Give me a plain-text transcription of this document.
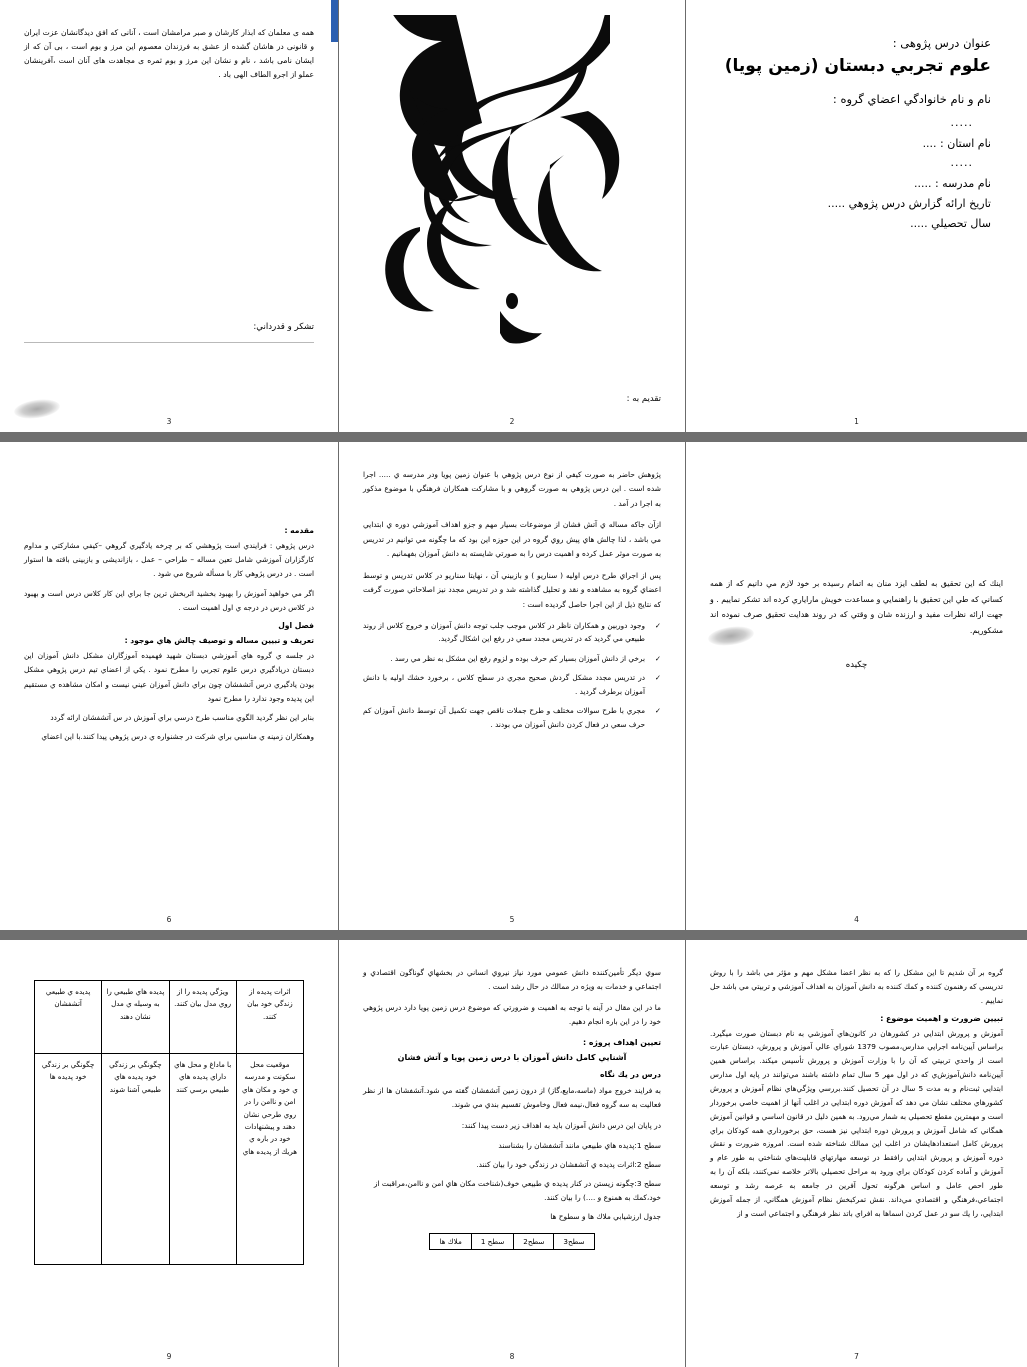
عنوان درس پژوهی :
علوم تجربي دبستان (زمين پويا)
نام و نام خانوادگي اعضاي گروه :
.....
نام استان : ....
.....
نام مدرسه : .....
تاريخ ارائه گزارش درس پژوهي .....
سال تحصيلي .....
1
تقديم به :
2

همه ی معلمان که ابذار کارشان و صبر مرامشان است ، آنانی که افق دیدگانشان عزت ایران و قانونی در هاشان گشده از عشق به فرزندان معصوم این مرز و بوم است ، بی آن که از ایشان نامی باشد ، نام و نشان این مرز و بوم ثمره ی مجاهدت های آنان است ،آفرینشان عملو از اجرو الطاف الهی باد .

تشكر و قدرداني:
3

اينك كه اين تحقيق به لطف ايزد منان به اتمام رسيده بر خود لازم مي دانيم كه از همه كساني كه طي اين تحقيق با راهنمايي و مساعدت خويش ماراياري كرده اند تشكر نماييم . و جهت ارائه نظرات مفيد و ارزنده شان و وقتي كه در روند هدايت تحقيق صرف نموده اند مشكوريم.

چكيده
4

پژوهش حاضر به صورت كيفي از نوع درس پژوهي با عنوان زمين پويا ودر مدرسه ي ..... اجرا شده است . اين درس پژوهي به صورت گروهي و با مشاركت همكاران فرهنگي با موضوع مذكور به اجرا در آمد .

ازآن جاكه مساله ي آتش فشان از موضوعات بسيار مهم و جزو اهداف آموزشي دوره ي ابتدايي مي باشد ، لذا چالش هاي پيش روي گروه در اين حوزه اين بود كه ما چگونه مي توانيم در تدريس به صورت موثر عمل كرده و اهميت درس را به صورتي شايسته به دانش آموزان بفهمانيم .

پس از اجراي طرح درس اوليه ( سناريو ) و بازبيني آن ، نهايتا سناريو در كلاس تدريس و توسط اعضاي گروه به مشاهده و نقد و تحليل گذاشته شد و در تدريس مجدد نيز اصلاحاتي صورت گرفت كه نتايج ذيل از اين اجرا حاصل گرديده است :

✓ وجود دوربين و همكاران ناظر در كلاس موجب جلب توجه دانش آموزان و خروج كلاس از روند طبيعي مي گرديد كه در تدريس مجدد سعي در رفع اين اشكال گرديد.
✓ برخي از دانش آموزان بسيار كم حرف بوده و لزوم رفع اين مشكل به نظر مي رسد .
✓ در تدريس مجدد مشكل گردش صحيح مجري در سطح كلاس ، برخورد خشك اوليه با دانش آموزان برطرف گرديد .
✓ مجري با طرح سوالات مختلف و طرح جملات ناقص جهت تكميل آن توسط دانش آموزان كم حرف سعي در فعال كردن دانش آموزان مي بودند .
5
مقدمه :

درس پژوهي : فرايندي است پژوهشي كه بر چرخه يادگيري گروهي –كيفي مشاركتي و مداوم كارگزاران آموزشي شامل تعين مساله – طراحي – عمل ، بازاندیشی و بازبینی باقته ها استوار است . در درس پژوهي كار با مسأله شروع مي شود .

اگر مي خواهيد آموزش را بهبود بخشيد اثربخش ترين جا براي اين كار كلاس درس است و بهبود در كلاس درس در درجه ي اول اهميت است .

فصل اول
تعريف و تبيين مساله و توصيف چالش هاي موجود :

در جلسه ي گروه هاي آموزشي دبستان شهيد فهميده آموزگاران مشكل دانش آموزان اين دبستان دريادگيري درس علوم تجربي را مطرح نمود . يكي از اعضاي تيم درس پژوهي مشكل بودن يادگيري درس آتشفشان چون براي دانش آموزان عيني نيست و امكان مشاهده ي مستقيم اين پديده وجود ندارد را مطرح نمود

بنابر اين نظر گرديد الگوي مناسب طرح درسي براي آموزش در س آتشفشان ارائه گردد

وهمكاران زمينه ي مناسبي براي شركت در جشنواره ي درس پژوهي پيدا كنند.با اين اعضاي

6

گروه بر آن شديم تا اين مشكل را كه به نظر اعضا مشكل مهم و مؤثر مي باشد را با روش تدريسي كه رهنمون كننده و كمك كننده به دانش آموزان به اهداف آموزشي و تربيتي مي باشد حل نماييم .

تبيين ضرورت و اهميت موضوع :

آموزش و پرورش ابتدايي در كشورهان در كانون‌هاي آموزشي به نام دبستان صورت ميگيرد. براساس آيين‌نامه اجرايي مدارس،مصوب 1379 شوراي عالي آموزش و پرورش، دبستان عبارت است از واحدي تربيتي كه آن را با وزارت آموزش و پرورش تأسيس ميكند. براساس همين آيين‌نامه دانش‌آموزش‌‌ي كه در اول مهر 5 سال تمام داشته باشند مي‌توانند در پايه اول مدارس ابتدايي ثبت‌نام و به مدت 5 سال در آن تحصيل كنند.بررسي ويژگي‌هاي نظام آموزش و پرورش كشورهاي مختلف نشان مي دهد كه آموزش دوره ابتدايي در اغلب آنها از اهميت خاصي برخوردار است و مهمترين مقطع تحصيلي به شمار مي‌رود. به همين دليل در قانون اساسي و قوانين آموزش همگاني كه شامل آموزش و پرورش دوره ابتدايي نيز هست، حق برخورداري همه كودكان براي پرورش كامل استعدادهايشان در اغلب اين ممالك شناخته شده است. امروزه ضرورت و نقش دوره آموزش و پرورش ابتدايي رافقط در توسعه مهارتهاي قابليت‌هاي شناختي به طور عام و آموزش و آماده كردن كودكان براي ورود به مراحل تحصيلي بالاتر خلاصه نمي‌كنند، بلكه آن را به طور احص عامل و اساس هرگونه تحول آفرين در جامعه به عرصه رشد و توسعه اجتماعي،فرهنگي و اقتصادي مي‌داند. نقش تمركبخش نظام آموزش همگاني، از جمله آموزش ابتدايي، را يك سو در عمل كردن اسماها به افراي باتد نظر فرهنگي و اجتماعي است و از

7

سوي ديگر تأمين‌كننده دانش عمومي مورد نياز نيروي انساني در بخشهاي گوناگون اقتصادي و اجتماعي و خدمات به ويژه در ممالك در حال رشد است .

ما در اين مقال در آينه با توجه به اهميت و ضرورتي كه موضوع درس زمين پويا دارد درس پژوهي خود را در اين باره انجام دهيم.

تعيين اهداف پروژه :
آشنايي كامل دانش آموزان با درس زمين پويا و آتش فشان
درس در يك نگاه

به فرايند خروج مواد (ماسه،مايع،گاز) از درون زمين آتشفشان گفته مي شود.آتشفشان ها از نظر فعاليت به سه گروه فعال،نيمه فعال وخاموش تقسيم بندي مي شوند.

در پايان اين درس دانش آموزان بايد به اهداف زير دست پيدا كنند:

سطح 1:پديده هاي طبيعي مانند آتشفشان را بشناسند
سطح 2:اثرات پديده ي آتشفشان در زندگي خود را بيان كنند.
سطح 3:چگونه زيستن در كنار پديده ي طبيعي خوف(شناخت مكان هاي امن و ناامن،مراقبت از خود،كمك به همنوع و ....) را بيان كنند.

جدول ارزشيابي ملاك ها و سطوح ها

سطح3	سطح2	سطح 1	ملاك ها
8
اثرات پديده از زندگي خود بيان كنند.	ويژگي پديده را از روي مدل بيان كنند.	پديده هاي طبيعي را به وسيله ي مدل نشان دهند	پديده ي طبيعي آتشفشان
موقعيت محل سكونت و مدرسه ي خود و مكان هاي امن و ناامن را در روي طرحي نشان دهند و پيشنهادات خود در باره ي هريك از پديده هاي	با ماداغ و محل هاي داراي پديده هاي طبيعي برسي كنند	چگونگي بر زندگي خود پديده هاي طبيعي آشنا شوند	چگونگي بر زندگي خود پديده ها
9
